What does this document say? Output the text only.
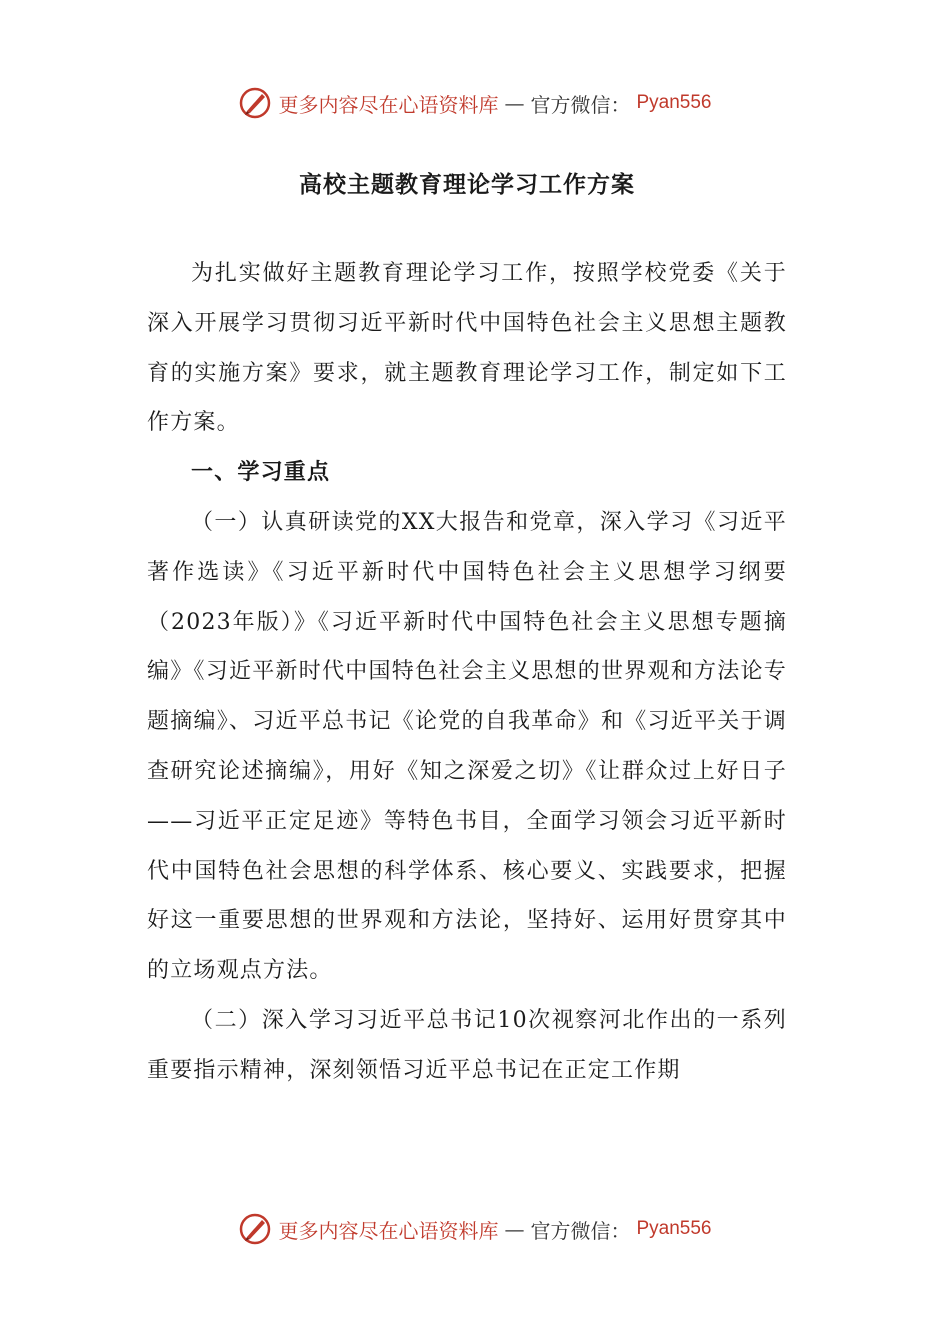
更多内容尽在心语资料库 — 官方微信： Pyan556
高校主题教育理论学习工作方案

为扎实做好主题教育理论学习工作，按照学校党委《关于深入开展学习贯彻习近平新时代中国特色社会主义思想主题教育的实施方案》要求，就主题教育理论学习工作，制定如下工作方案。

一、学习重点

（一）认真研读党的XX大报告和党章，深入学习《习近平著作选读》《习近平新时代中国特色社会主义思想学习纲要（2023年版）》《习近平新时代中国特色社会主义思想专题摘编》《习近平新时代中国特色社会主义思想的世界观和方法论专题摘编》、习近平总书记《论党的自我革命》和《习近平关于调查研究论述摘编》，用好《知之深爱之切》《让群众过上好日子——习近平正定足迹》等特色书目，全面学习领会习近平新时代中国特色社会思想的科学体系、核心要义、实践要求，把握好这一重要思想的世界观和方法论，坚持好、运用好贯穿其中的立场观点方法。

（二）深入学习习近平总书记10次视察河北作出的一系列重要指示精神，深刻领悟习近平总书记在正定工作期

更多内容尽在心语资料库 — 官方微信： Pyan556
